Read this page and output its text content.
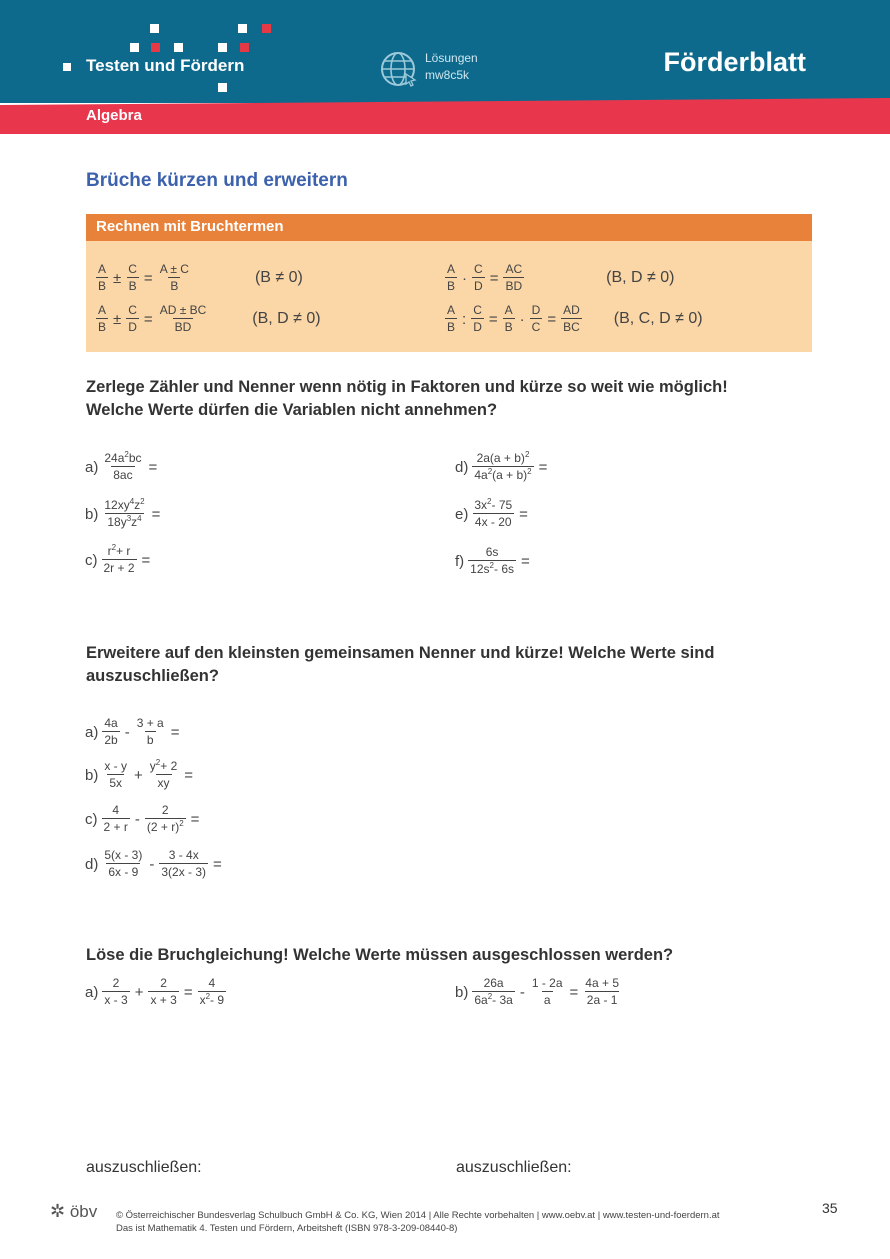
Testen und Fördern	Lösungen
mw8c5k	Förderblatt
Algebra
Brüche kürzen und erweitern
Rechnen mit Bruchtermen
$\frac{A}{B} \pm \frac{C}{B} = \frac{A \pm C}{B}$	(B ≠ 0)
$\frac{A}{B} \pm \frac{C}{D} = \frac{AD \pm BC}{BD}$	(B, D ≠ 0)
$\frac{A}{B} \cdot \frac{C}{D} = \frac{AC}{BD}$	(B, D ≠ 0)
$\frac{A}{B}$ : $\frac{C}{D} = \frac{A}{B} \cdot \frac{D}{C} = \frac{AD}{BC} (B$, C, D ≠ 0)
Zerlege Zähler und Nenner wenn nötig in Faktoren und kürze so weit wie möglich!
Welche Werte dürfen die Variablen nicht annehmen?
$a) \frac{24a^2bc}{8ac}$ =
$b) \frac{12xy^4z^2}{18y^3z^4}$ =
$c) \frac{r^2+ r}{2r + 2}$ =
$d) \frac{2a(a + b)^2}{4a^2(a + b)^2}$ =
$e) \frac{3x^2- 75}{4x - 20}$ =
$f) \frac{6s}{12s^2- 6s}$ =
Erweitere auf den kleinsten gemeinsamen Nenner und kürze! Welche Werte sind
auszuschließen?
$a) \frac{4a}{2b} - \frac{3 + a}{b}$ =
$b) \frac{x - y}{5x} + \frac{y^2+ 2}{xy}$ =
$c) \frac{4}{2 + r} - \frac{2}{(2 + r)^2}$ =
$d) \frac{5(x - 3)}{6x - 9} - \frac{3 - 4x}{3(2x - 3)}$ =
Löse die Bruchgleichung! Welche Werte müssen ausgeschlossen werden?
$a) \frac{2}{x - 3} + \frac{2}{x + 3} = \frac{4}{x^2- 9}$	$b) \frac{26a}{6a^2- 3a} - \frac{1 - 2a}{a} = \frac{4a + 5}{2a - 1}$
auszuschließen:	auszuschließen:
✲ öbv © Österreichischer Bundesverlag Schulbuch GmbH & Co. KG, Wien 2014 | Alle Rechte vorbehalten | www.oebv.at | www.testen-und-foerdern.at
Das ist Mathematik 4. Testen und Fördern, Arbeitsheft (ISBN 978-3-209-08440-8)
35
